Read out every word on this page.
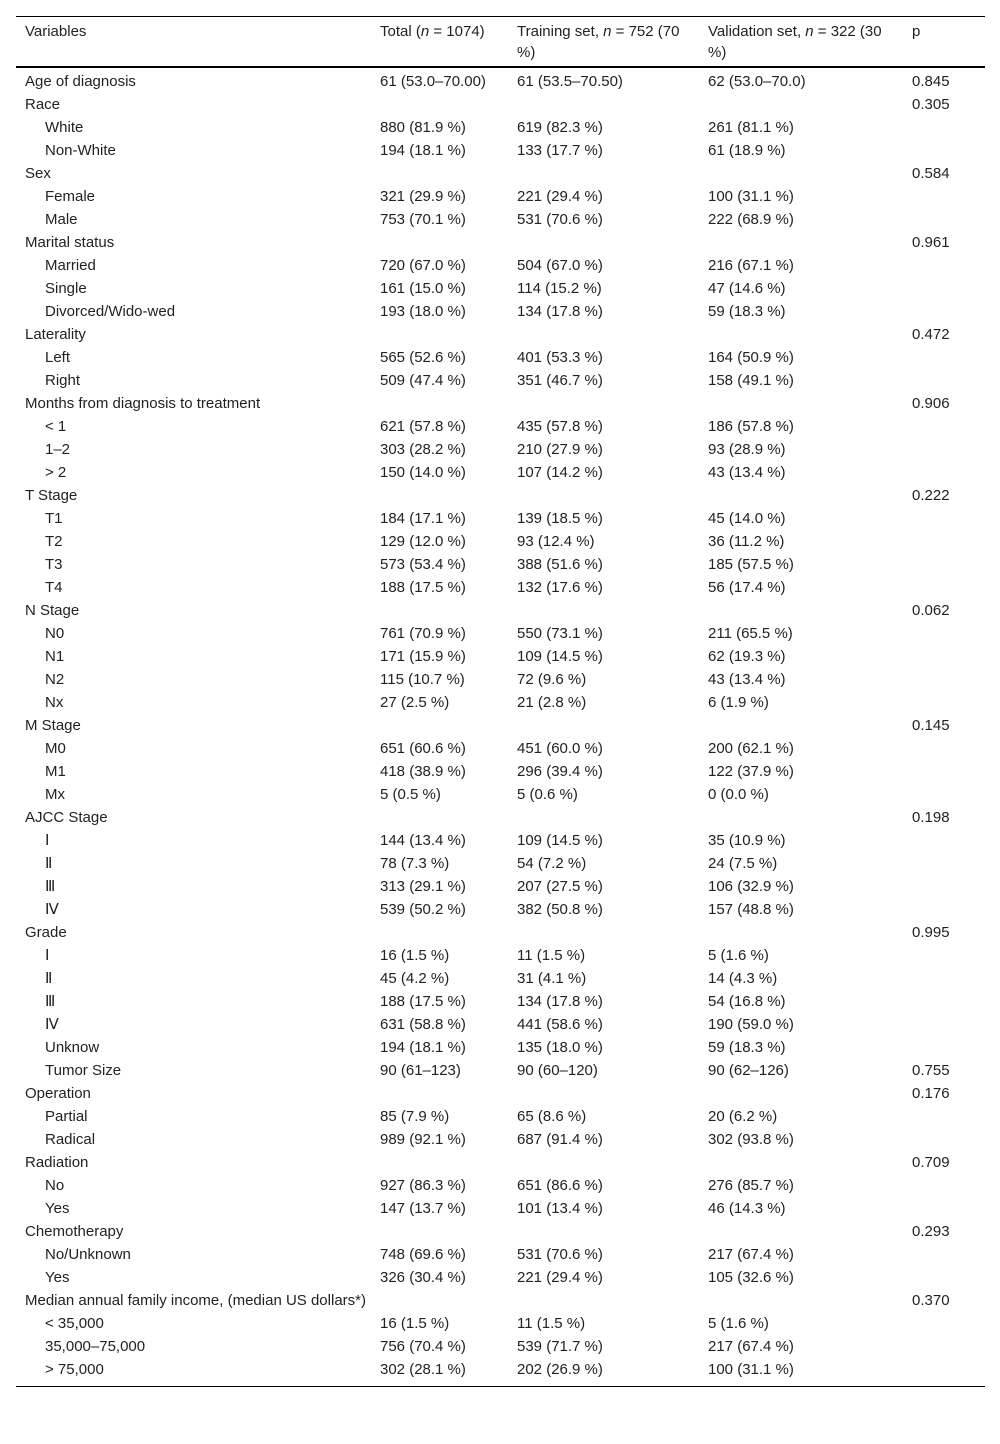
Variables	Total (n = 1074)	Training set, n = 752 (70 %)	Validation set, n = 322 (30 %)	p
Age of diagnosis	61 (53.0–70.00)	61 (53.5–70.50)	62 (53.0–70.0)	0.845
Race				0.305
White	880 (81.9 %)	619 (82.3 %)	261 (81.1 %)	
Non-White	194 (18.1 %)	133 (17.7 %)	61 (18.9 %)	
Sex				0.584
Female	321 (29.9 %)	221 (29.4 %)	100 (31.1 %)	
Male	753 (70.1 %)	531 (70.6 %)	222 (68.9 %)	
Marital status				0.961
Married	720 (67.0 %)	504 (67.0 %)	216 (67.1 %)	
Single	161 (15.0 %)	114 (15.2 %)	47 (14.6 %)	
Divorced/Wido-wed	193 (18.0 %)	134 (17.8 %)	59 (18.3 %)	
Laterality				0.472
Left	565 (52.6 %)	401 (53.3 %)	164 (50.9 %)	
Right	509 (47.4 %)	351 (46.7 %)	158 (49.1 %)	
Months from diagnosis to treatment				0.906
< 1	621 (57.8 %)	435 (57.8 %)	186 (57.8 %)	
1–2	303 (28.2 %)	210 (27.9 %)	93 (28.9 %)	
> 2	150 (14.0 %)	107 (14.2 %)	43 (13.4 %)	
T Stage				0.222
T1	184 (17.1 %)	139 (18.5 %)	45 (14.0 %)	
T2	129 (12.0 %)	93 (12.4 %)	36 (11.2 %)	
T3	573 (53.4 %)	388 (51.6 %)	185 (57.5 %)	
T4	188 (17.5 %)	132 (17.6 %)	56 (17.4 %)	
N Stage				0.062
N0	761 (70.9 %)	550 (73.1 %)	211 (65.5 %)	
N1	171 (15.9 %)	109 (14.5 %)	62 (19.3 %)	
N2	115 (10.7 %)	72 (9.6 %)	43 (13.4 %)	
Nx	27 (2.5 %)	21 (2.8 %)	6 (1.9 %)	
M Stage				0.145
M0	651 (60.6 %)	451 (60.0 %)	200 (62.1 %)	
M1	418 (38.9 %)	296 (39.4 %)	122 (37.9 %)	
Mx	5 (0.5 %)	5 (0.6 %)	0 (0.0 %)	
AJCC Stage				0.198
Ⅰ	144 (13.4 %)	109 (14.5 %)	35 (10.9 %)	
Ⅱ	78 (7.3 %)	54 (7.2 %)	24 (7.5 %)	
Ⅲ	313 (29.1 %)	207 (27.5 %)	106 (32.9 %)	
Ⅳ	539 (50.2 %)	382 (50.8 %)	157 (48.8 %)	
Grade				0.995
Ⅰ	16 (1.5 %)	11 (1.5 %)	5 (1.6 %)	
Ⅱ	45 (4.2 %)	31 (4.1 %)	14 (4.3 %)	
Ⅲ	188 (17.5 %)	134 (17.8 %)	54 (16.8 %)	
Ⅳ	631 (58.8 %)	441 (58.6 %)	190 (59.0 %)	
Unknow	194 (18.1 %)	135 (18.0 %)	59 (18.3 %)	
Tumor Size	90 (61–123)	90 (60–120)	90 (62–126)	0.755
Operation				0.176
Partial	85 (7.9 %)	65 (8.6 %)	20 (6.2 %)	
Radical	989 (92.1 %)	687 (91.4 %)	302 (93.8 %)	
Radiation				0.709
No	927 (86.3 %)	651 (86.6 %)	276 (85.7 %)	
Yes	147 (13.7 %)	101 (13.4 %)	46 (14.3 %)	
Chemotherapy				0.293
No/Unknown	748 (69.6 %)	531 (70.6 %)	217 (67.4 %)	
Yes	326 (30.4 %)	221 (29.4 %)	105 (32.6 %)	
Median annual family income, (median US dollars*)				0.370
< 35,000	16 (1.5 %)	11 (1.5 %)	5 (1.6 %)	
35,000–75,000	756 (70.4 %)	539 (71.7 %)	217 (67.4 %)	
> 75,000	302 (28.1 %)	202 (26.9 %)	100 (31.1 %)	
